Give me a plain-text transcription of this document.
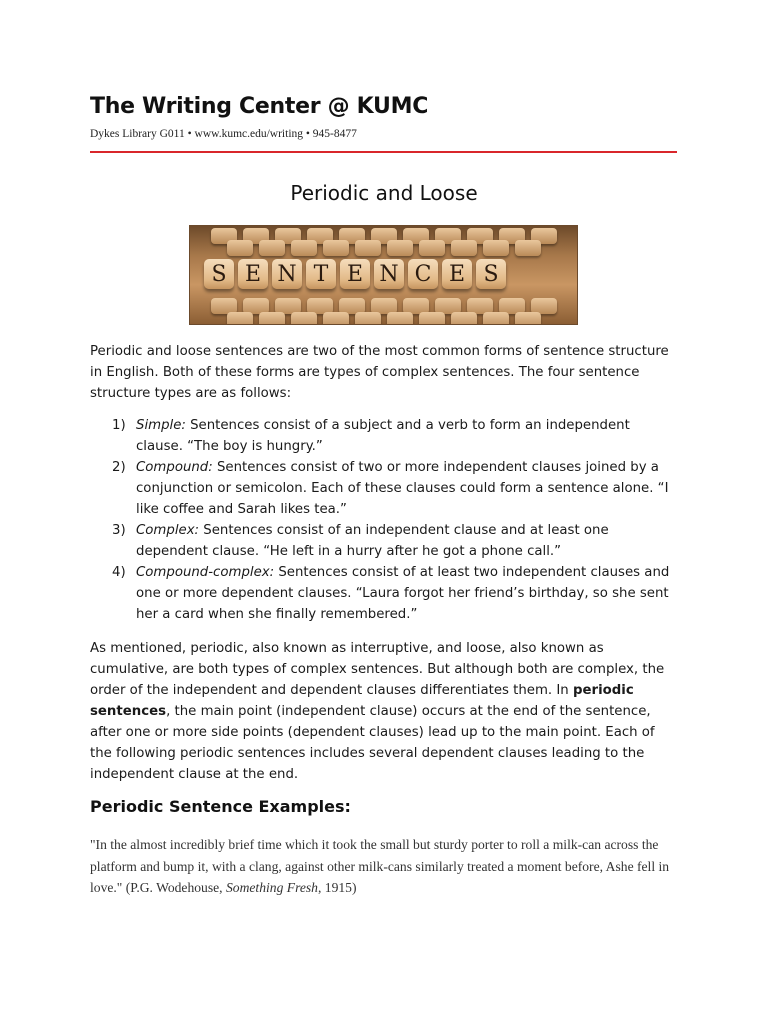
The Writing Center @ KUMC
Dykes Library G011 • www.kumc.edu/writing • 945-8477
Periodic and Loose
S E N T E N C E S
Periodic and loose sentences are two of the most common forms of sentence structure in English. Both of these forms are types of complex sentences. The four sentence structure types are as follows:
1) Simple: Sentences consist of a subject and a verb to form an independent clause. “The boy is hungry.”
2) Compound: Sentences consist of two or more independent clauses joined by a conjunction or semicolon. Each of these clauses could form a sentence alone. “I like coffee and Sarah likes tea.”
3) Complex: Sentences consist of an independent clause and at least one dependent clause. “He left in a hurry after he got a phone call.”
4) Compound-complex: Sentences consist of at least two independent clauses and one or more dependent clauses. “Laura forgot her friend’s birthday, so she sent her a card when she finally remembered.”
As mentioned, periodic, also known as interruptive, and loose, also known as cumulative, are both types of complex sentences. But although both are complex, the order of the independent and dependent clauses differentiates them. In periodic sentences, the main point (independent clause) occurs at the end of the sentence, after one or more side points (dependent clauses) lead up to the main point. Each of the following periodic sentences includes several dependent clauses leading to the independent clause at the end.
Periodic Sentence Examples:
"In the almost incredibly brief time which it took the small but sturdy porter to roll a milk-can across the platform and bump it, with a clang, against other milk-cans similarly treated a moment before, Ashe fell in love." (P.G. Wodehouse, Something Fresh, 1915)
